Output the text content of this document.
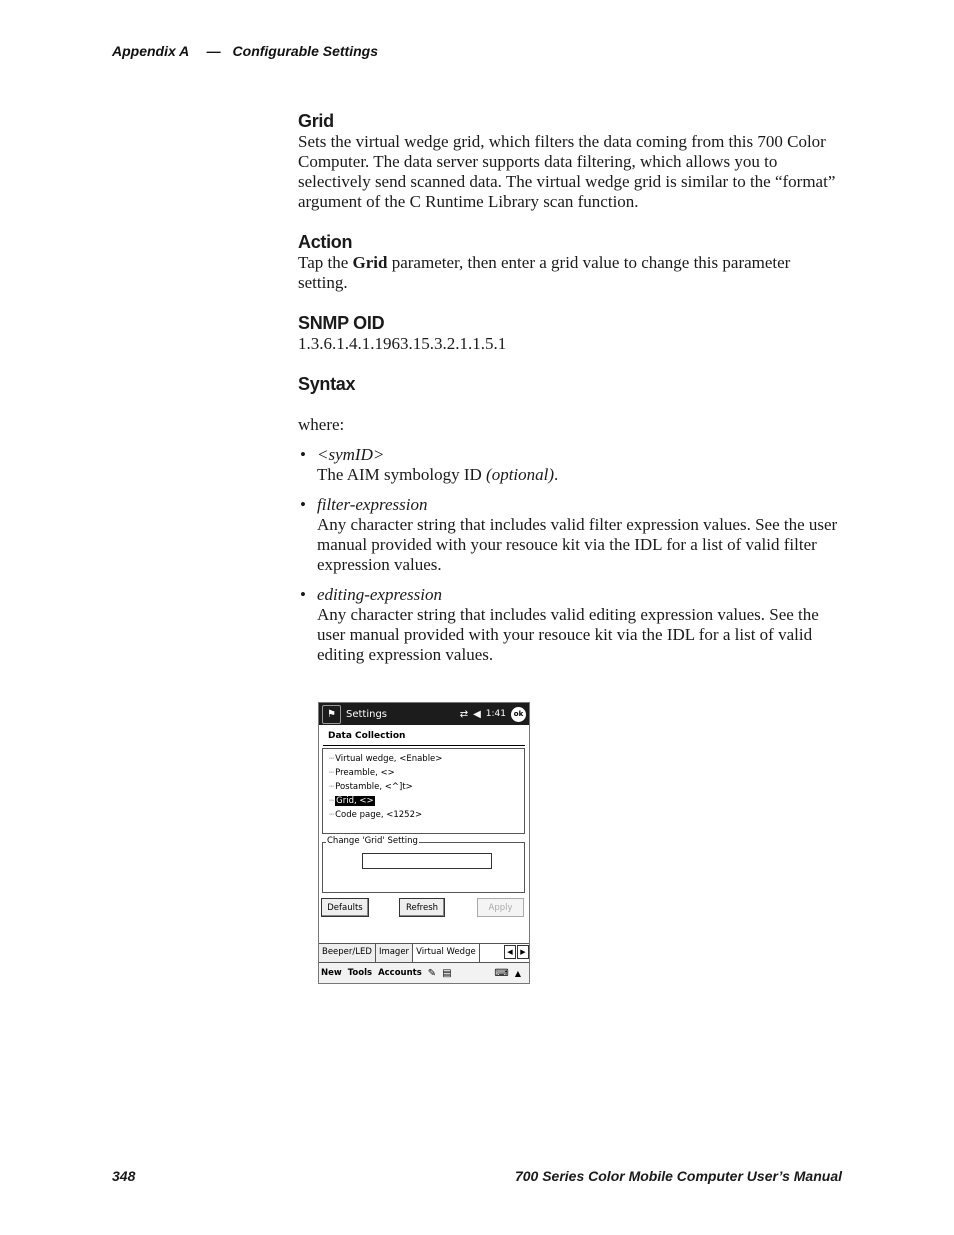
Appendix A — Configurable Settings
Grid

Sets the virtual wedge grid, which filters the data coming from this 700 Color Computer. The data server supports data filtering, which allows you to selectively send scanned data. The virtual wedge grid is similar to the “format” argument of the C Runtime Library scan function.

Action

Tap the Grid parameter, then enter a grid value to change this parameter setting.

SNMP OID

1.3.6.1.4.1.1963.15.3.2.1.1.5.1

Syntax

where:

• <symID>
The AIM symbology ID (optional).
• filter-expression
Any character string that includes valid filter expression values. See the user manual provided with your resouce kit via the IDL for a list of valid filter expression values.
• editing-expression
Any character string that includes valid editing expression values. See the user manual provided with your resouce kit via the IDL for a list of valid editing expression values.
⚑	Settings	⇄ ◀ 1:41	ok
Data Collection
┄Virtual wedge, <Enable>
┄Preamble, <>
┄Postamble, <^]t>
┄ Grid, <>
┄Code page, <1252>
Change 'Grid' Setting
Defaults	Refresh	Apply
Beeper/LED Imager Virtual Wedge	◀	▶
New Tools Accounts ✎ ▤	⌨ ▲
348	700 Series Color Mobile Computer User’s Manual
